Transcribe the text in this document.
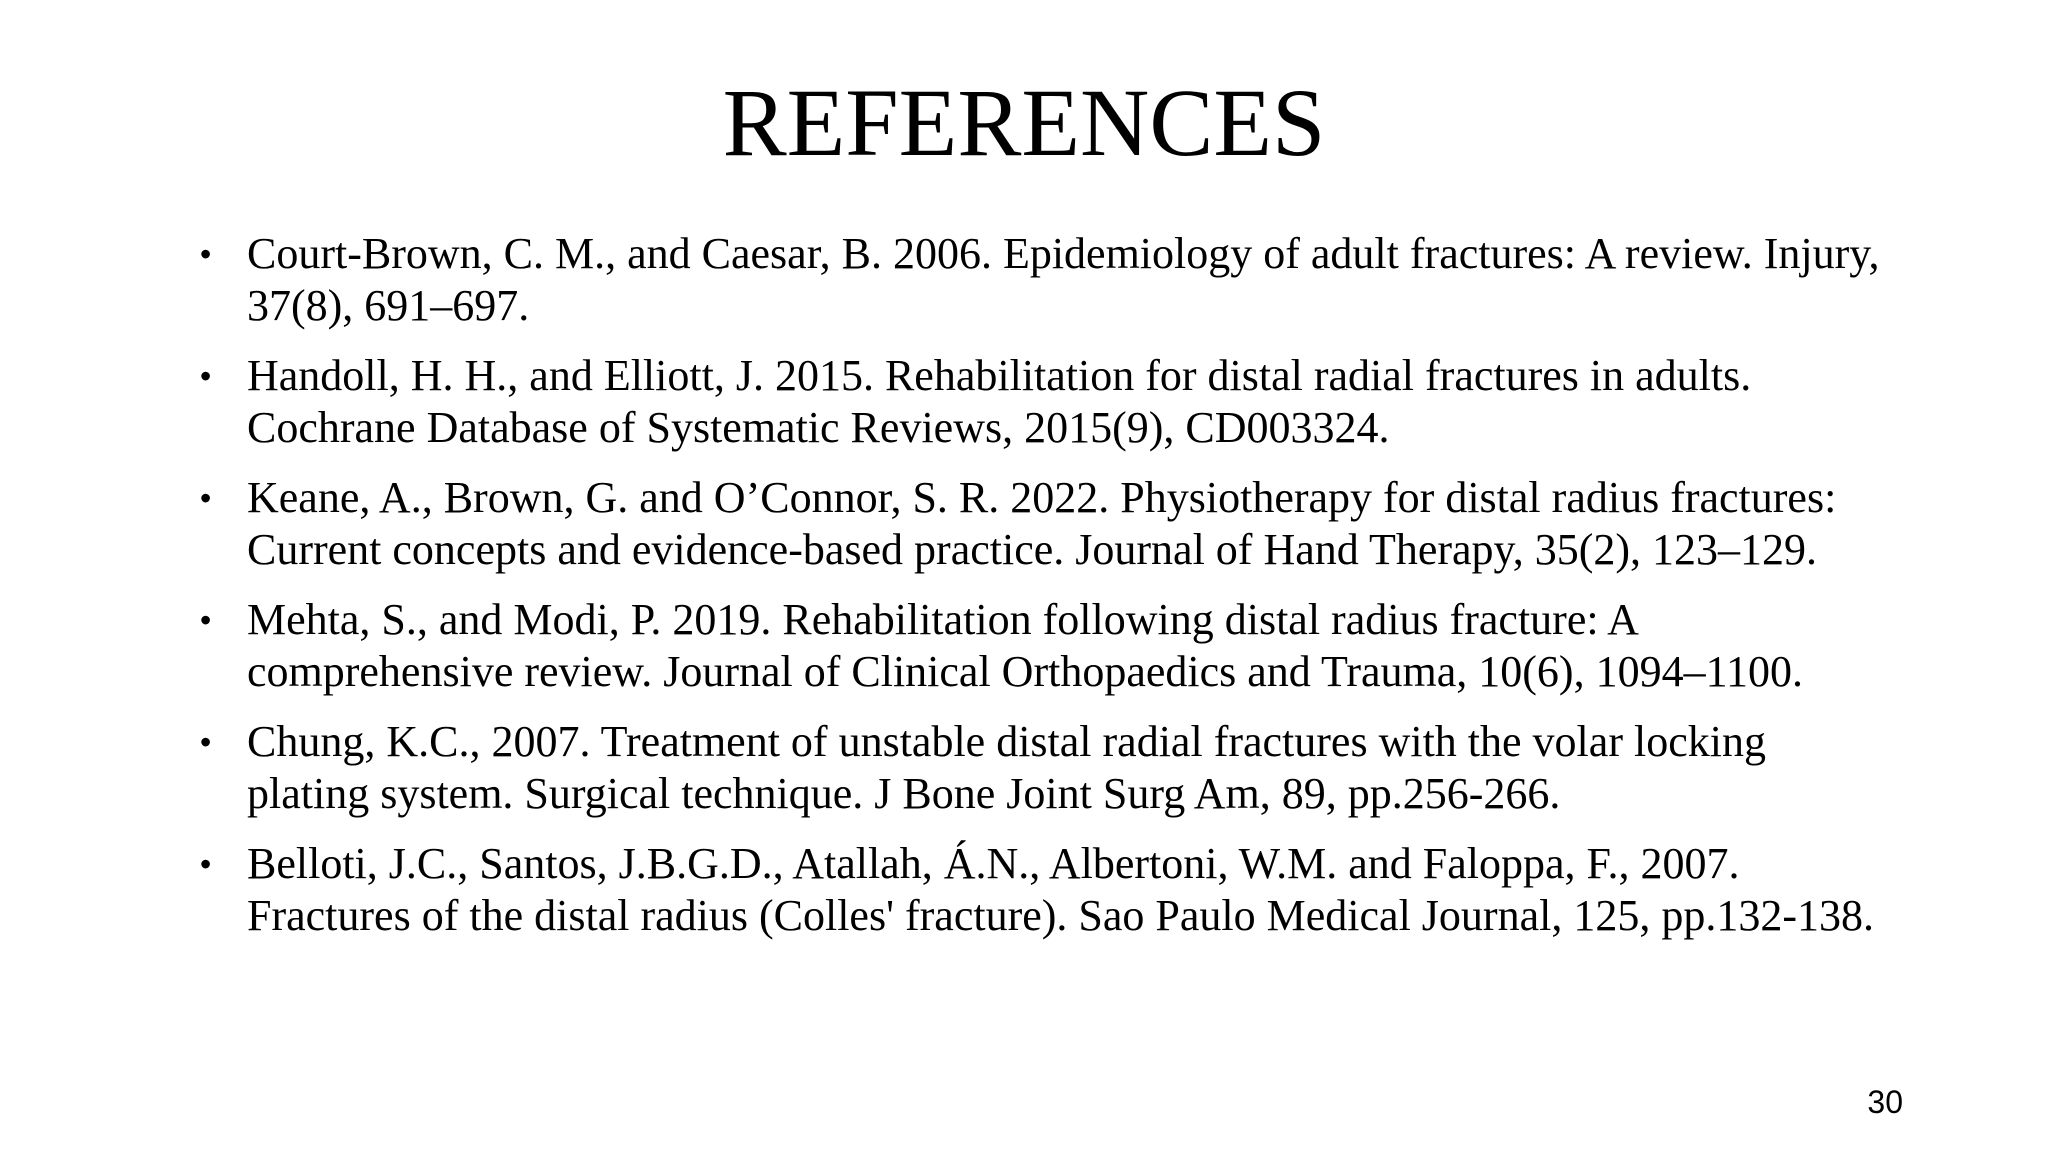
REFERENCES
• Court-Brown, C. M., and Caesar, B. 2006. Epidemiology of adult fractures: A review. Injury, 37(8), 691–697.
• Handoll, H. H., and Elliott, J. 2015. Rehabilitation for distal radial fractures in adults. Cochrane Database of Systematic Reviews, 2015(9), CD003324.
• Keane, A., Brown, G. and O’Connor, S. R. 2022. Physiotherapy for distal radius fractures: Current concepts and evidence-based practice. Journal of Hand Therapy, 35(2), 123–129.
• Mehta, S., and Modi, P. 2019. Rehabilitation following distal radius fracture: A comprehensive review. Journal of Clinical Orthopaedics and Trauma, 10(6), 1094–1100.
• Chung, K.C., 2007. Treatment of unstable distal radial fractures with the volar locking plating system. Surgical technique. J Bone Joint Surg Am, 89, pp.256-266.
• Belloti, J.C., Santos, J.B.G.D., Atallah, Á.N., Albertoni, W.M. and Faloppa, F., 2007. Fractures of the distal radius (Colles' fracture). Sao Paulo Medical Journal, 125, pp.132-138.
30
